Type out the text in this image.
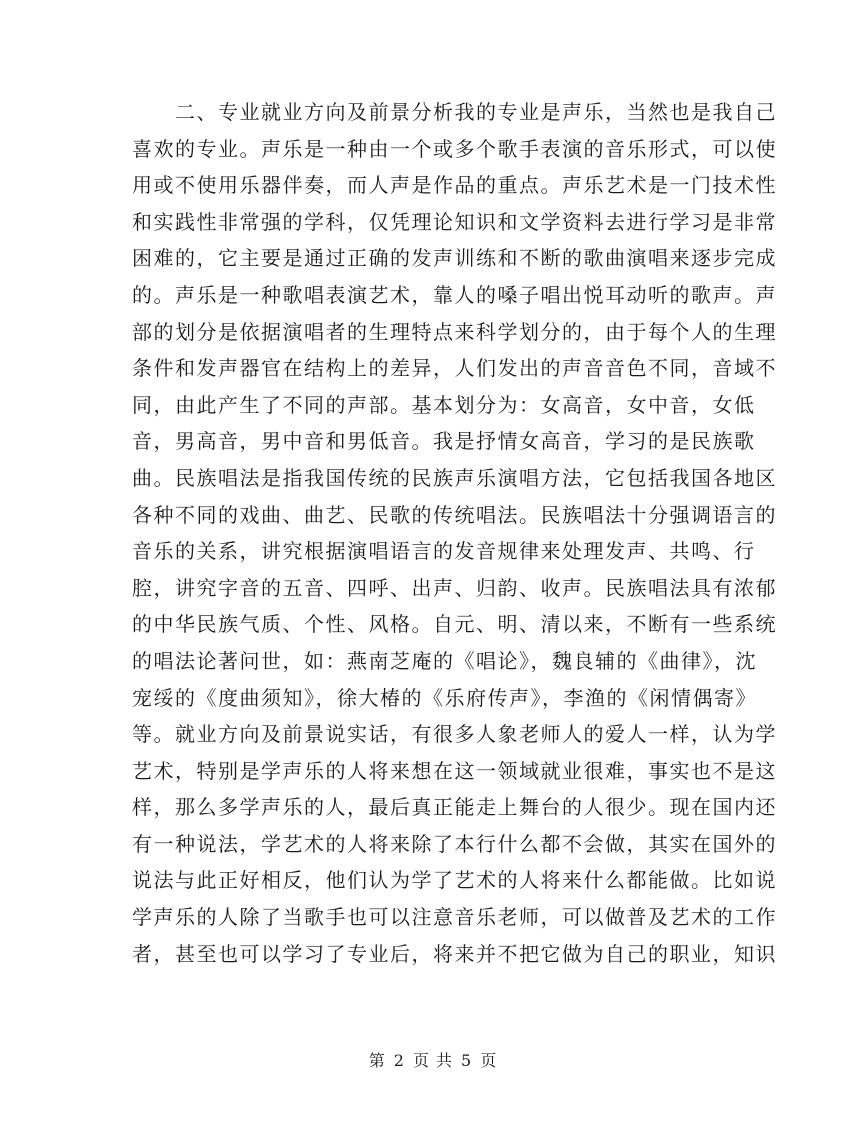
　　二、专业就业方向及前景分析我的专业是声乐，当然也是我自己
喜欢的专业。声乐是一种由一个或多个歌手表演的音乐形式，可以使
用或不使用乐器伴奏，而人声是作品的重点。声乐艺术是一门技术性
和实践性非常强的学科，仅凭理论知识和文学资料去进行学习是非常
困难的，它主要是通过正确的发声训练和不断的歌曲演唱来逐步完成
的。声乐是一种歌唱表演艺术，靠人的嗓子唱出悦耳动听的歌声。声
部的划分是依据演唱者的生理特点来科学划分的，由于每个人的生理
条件和发声器官在结构上的差异，人们发出的声音音色不同，音域不
同，由此产生了不同的声部。基本划分为：女高音，女中音，女低
音，男高音，男中音和男低音。我是抒情女高音，学习的是民族歌
曲。民族唱法是指我国传统的民族声乐演唱方法，它包括我国各地区
各种不同的戏曲、曲艺、民歌的传统唱法。民族唱法十分强调语言的
音乐的关系，讲究根据演唱语言的发音规律来处理发声、共鸣、行
腔，讲究字音的五音、四呼、出声、归韵、收声。民族唱法具有浓郁
的中华民族气质、个性、风格。自元、明、清以来，不断有一些系统
的唱法论著问世，如：燕南芝庵的《唱论》，魏良辅的《曲律》，沈
宠绥的《度曲须知》，徐大椿的《乐府传声》，李渔的《闲情偶寄》
等。就业方向及前景说实话，有很多人象老师人的爱人一样，认为学
艺术，特别是学声乐的人将来想在这一领域就业很难，事实也不是这
样，那么多学声乐的人，最后真正能走上舞台的人很少。现在国内还
有一种说法，学艺术的人将来除了本行什么都不会做，其实在国外的
说法与此正好相反，他们认为学了艺术的人将来什么都能做。比如说
学声乐的人除了当歌手也可以注意音乐老师，可以做普及艺术的工作
者，甚至也可以学习了专业后，将来并不把它做为自己的职业，知识
第 2 页 共 5 页
